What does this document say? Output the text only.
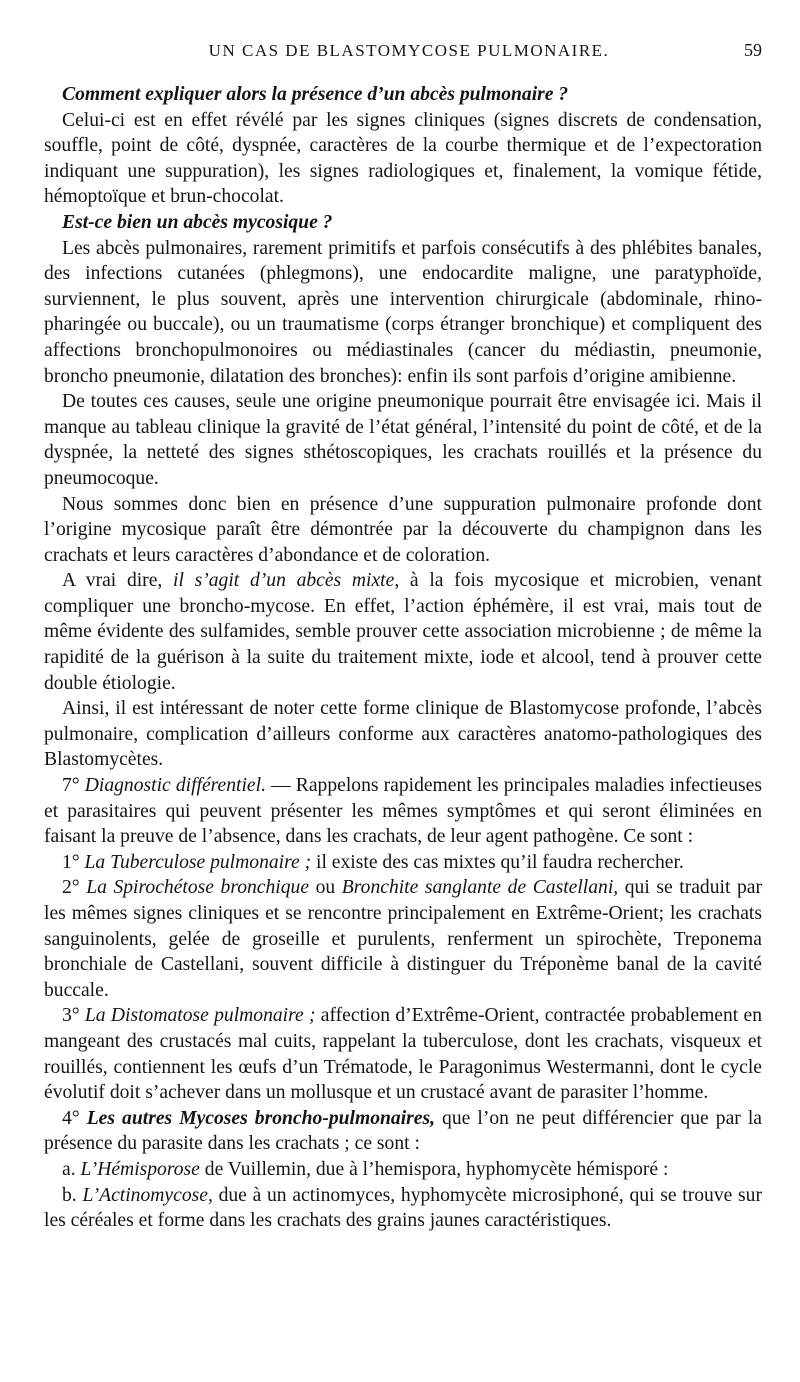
UN CAS DE BLASTOMYCOSE PULMONAIRE.	59

Comment expliquer alors la présence d’un abcès pulmonaire ?

Celui-ci est en effet révélé par les signes cliniques (signes discrets de condensation, souffle, point de côté, dyspnée, caractères de la courbe thermique et de l’expectoration indiquant une suppuration), les signes radiologiques et, finalement, la vomique fétide, hémoptoïque et brun-chocolat.

Est-ce bien un abcès mycosique ?

Les abcès pulmonaires, rarement primitifs et parfois consécutifs à des phlébites banales, des infections cutanées (phlegmons), une endocardite maligne, une paratyphoïde, surviennent, le plus souvent, après une intervention chirurgicale (abdominale, rhino-pharingée ou buccale), ou un traumatisme (corps étranger bronchique) et compliquent des affections bronchopulmonoires ou médiastinales (cancer du médiastin, pneumonie, broncho pneumonie, dilatation des bronches): enfin ils sont parfois d’origine amibienne.

De toutes ces causes, seule une origine pneumonique pourrait être envisagée ici. Mais il manque au tableau clinique la gravité de l’état général, l’intensité du point de côté, et de la dyspnée, la netteté des signes sthétoscopiques, les crachats rouillés et la présence du pneumocoque.

Nous sommes donc bien en présence d’une suppuration pulmonaire profonde dont l’origine mycosique paraît être démontrée par la découverte du champignon dans les crachats et leurs caractères d’abondance et de coloration.

A vrai dire, il s’agit d’un abcès mixte, à la fois mycosique et microbien, venant compliquer une broncho-mycose. En effet, l’action éphémère, il est vrai, mais tout de même évidente des sulfamides, semble prouver cette association microbienne ; de même la rapidité de la guérison à la suite du traitement mixte, iode et alcool, tend à prouver cette double étiologie.

Ainsi, il est intéressant de noter cette forme clinique de Blastomycose profonde, l’abcès pulmonaire, complication d’ailleurs conforme aux caractères anatomo-pathologiques des Blastomycètes.

7° Diagnostic différentiel. — Rappelons rapidement les principales maladies infectieuses et parasitaires qui peuvent présenter les mêmes symptômes et qui seront éliminées en faisant la preuve de l’absence, dans les crachats, de leur agent pathogène. Ce sont :

1° La Tuberculose pulmonaire ; il existe des cas mixtes qu’il faudra rechercher.

2° La Spirochétose bronchique ou Bronchite sanglante de Castellani, qui se traduit par les mêmes signes cliniques et se rencontre principalement en Extrême-Orient; les crachats sanguinolents, gelée de groseille et purulents, renferment un spirochète, Treponema bronchiale de Castellani, souvent difficile à distinguer du Tréponème banal de la cavité buccale.

3° La Distomatose pulmonaire ; affection d’Extrême-Orient, contractée probablement en mangeant des crustacés mal cuits, rappelant la tuberculose, dont les crachats, visqueux et rouillés, contiennent les œufs d’un Trématode, le Paragonimus Westermanni, dont le cycle évolutif doit s’achever dans un mollusque et un crustacé avant de parasiter l’homme.

4° Les autres Mycoses broncho-pulmonaires, que l’on ne peut différencier que par la présence du parasite dans les crachats ; ce sont :

a. L’Hémisporose de Vuillemin, due à l’hemispora, hyphomycète hémisporé :

b. L’Actinomycose, due à un actinomyces, hyphomycète microsiphoné, qui se trouve sur les céréales et forme dans les crachats des grains jaunes caractéristiques.
